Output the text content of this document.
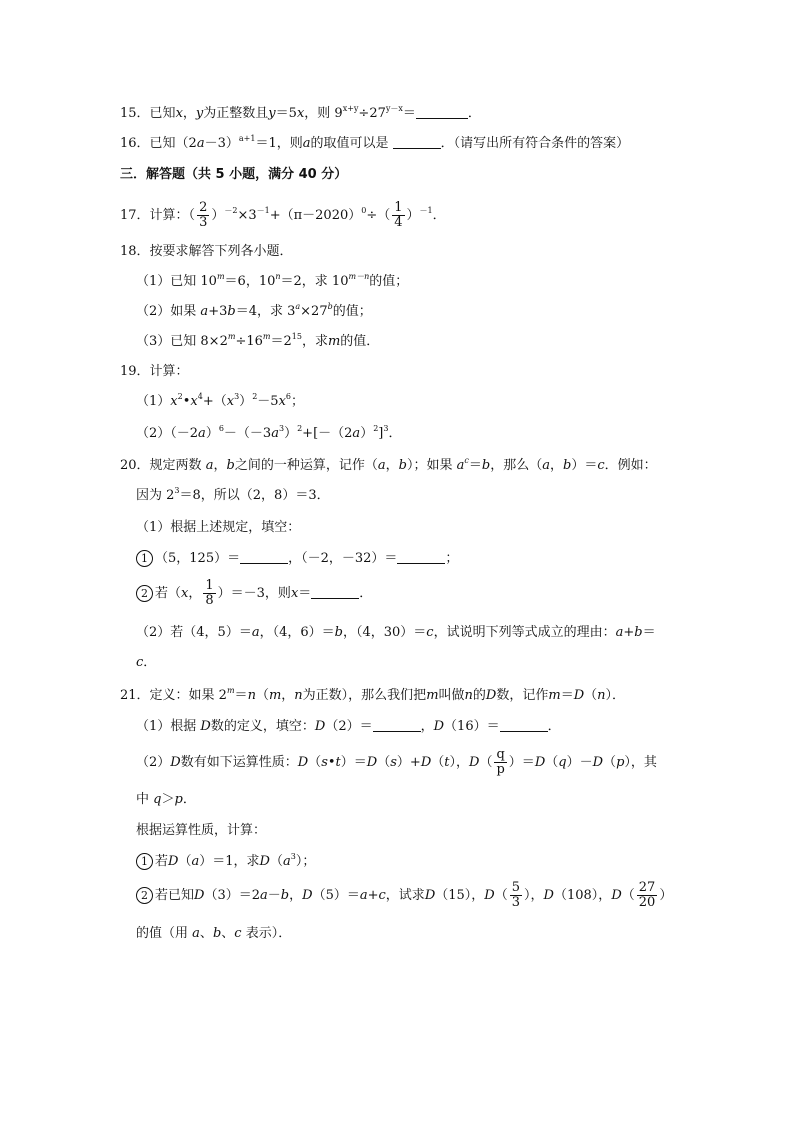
15．已知x，y为正整数且y＝5x，则 $9^{x+y}\div 27^{y-x}=$	．
16．已知$(2a-3)^{a+1}=1$，则a的取值可以是	．（请写出所有符合条件的答案）
三．解答题（共 5 小题，满分 40 分）
17．计算：（ $\frac{2}{3} )^{-2}\times 3^{-1}+(\pi-2020)^0\div( \frac{1}{4} )^{-1}$．
18．按要求解答下列各小题．
（1）已知 $10^m=6$，$10^n=2$，求 $10^{m-n}$的值；
（2）如果 a+3b＝4，求 $3^a\times 27^b$的值；
（3）已知 $8\times 2^m\div 16^m=2^{15}$，求m的值．
19．计算：
$(1)x^2•x^4+(x^3)^2-5x^6$；
$(2)(-2a)^6-(-3a^3)^2+[-(2a)^2]^3$．
20．规定两数 a，b之间的一种运算，记作（a，b）；如果 $a^c=b$，那么（a，b）＝c．例如：
因为 $2^3=8$，所以（2，8）＝3．
（1）根据上述规定，填空：
1 （5，125）＝	，（－2，－32）＝	；
2 若（x， $\frac{1}{8} )=-3$，则x＝	．
（2）若（4，5）＝a，（4，6）＝b，（4，30）＝c，试说明下列等式成立的理由：a+b＝
c．
21．定义：如果 $2^m=n(m$，n为正数），那么我们把m叫做n的D数，记作m＝D（n）．
（1）根据 D数的定义，填空：D（2）＝	，D（16）＝	．
（2）D数有如下运算性质：D（s•t）＝D（s）+D（t），$D( \frac{q}{p} )=D(q)-D(p)$，其
中 q＞p．
根据运算性质，计算：
1 若D（a）＝1，求$D(a^3)$；
2 若已知D（3）＝2a－b，D（5）＝a+c，试求D（15），$D( \frac{5}{3}$ ），D（108），$D( \frac{27}{20}$ ）
的值（用 a、b、c 表示）．
